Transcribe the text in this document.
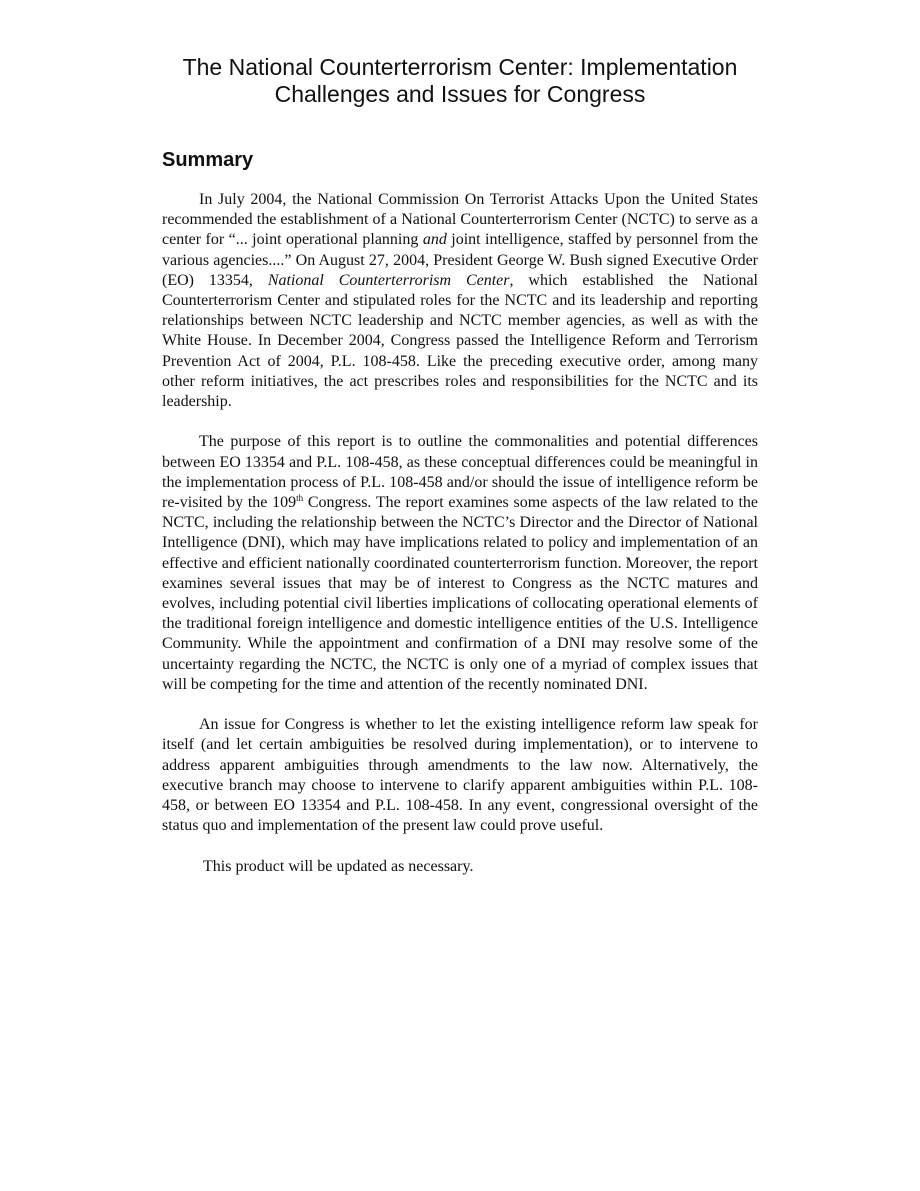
The National Counterterrorism Center: Implementation
Challenges and Issues for Congress
Summary

In July 2004, the National Commission On Terrorist Attacks Upon the United States recommended the establishment of a National Counterterrorism Center (NCTC) to serve as a center for “... joint operational planning and joint intelligence, staffed by personnel from the various agencies....” On August 27, 2004, President George W. Bush signed Executive Order (EO) 13354, National Counterterrorism Center, which established the National Counterterrorism Center and stipulated roles for the NCTC and its leadership and reporting relationships between NCTC leadership and NCTC member agencies, as well as with the White House. In December 2004, Congress passed the Intelligence Reform and Terrorism Prevention Act of 2004, P.L. 108-458. Like the preceding executive order, among many other reform initiatives, the act prescribes roles and responsibilities for the NCTC and its leadership.

The purpose of this report is to outline the commonalities and potential differences between EO 13354 and P.L. 108-458, as these conceptual differences could be meaningful in the implementation process of P.L. 108-458 and/or should the issue of intelligence reform be re-visited by the 109th Congress. The report examines some aspects of the law related to the NCTC, including the relationship between the NCTC’s Director and the Director of National Intelligence (DNI), which may have implications related to policy and implementation of an effective and efficient nationally coordinated counterterrorism function. Moreover, the report examines several issues that may be of interest to Congress as the NCTC matures and evolves, including potential civil liberties implications of collocating operational elements of the traditional foreign intelligence and domestic intelligence entities of the U.S. Intelligence Community. While the appointment and confirmation of a DNI may resolve some of the uncertainty regarding the NCTC, the NCTC is only one of a myriad of complex issues that will be competing for the time and attention of the recently nominated DNI.

An issue for Congress is whether to let the existing intelligence reform law speak for itself (and let certain ambiguities be resolved during implementation), or to intervene to address apparent ambiguities through amendments to the law now. Alternatively, the executive branch may choose to intervene to clarify apparent ambiguities within P.L. 108-458, or between EO 13354 and P.L. 108-458. In any event, congressional oversight of the status quo and implementation of the present law could prove useful.

This product will be updated as necessary.
